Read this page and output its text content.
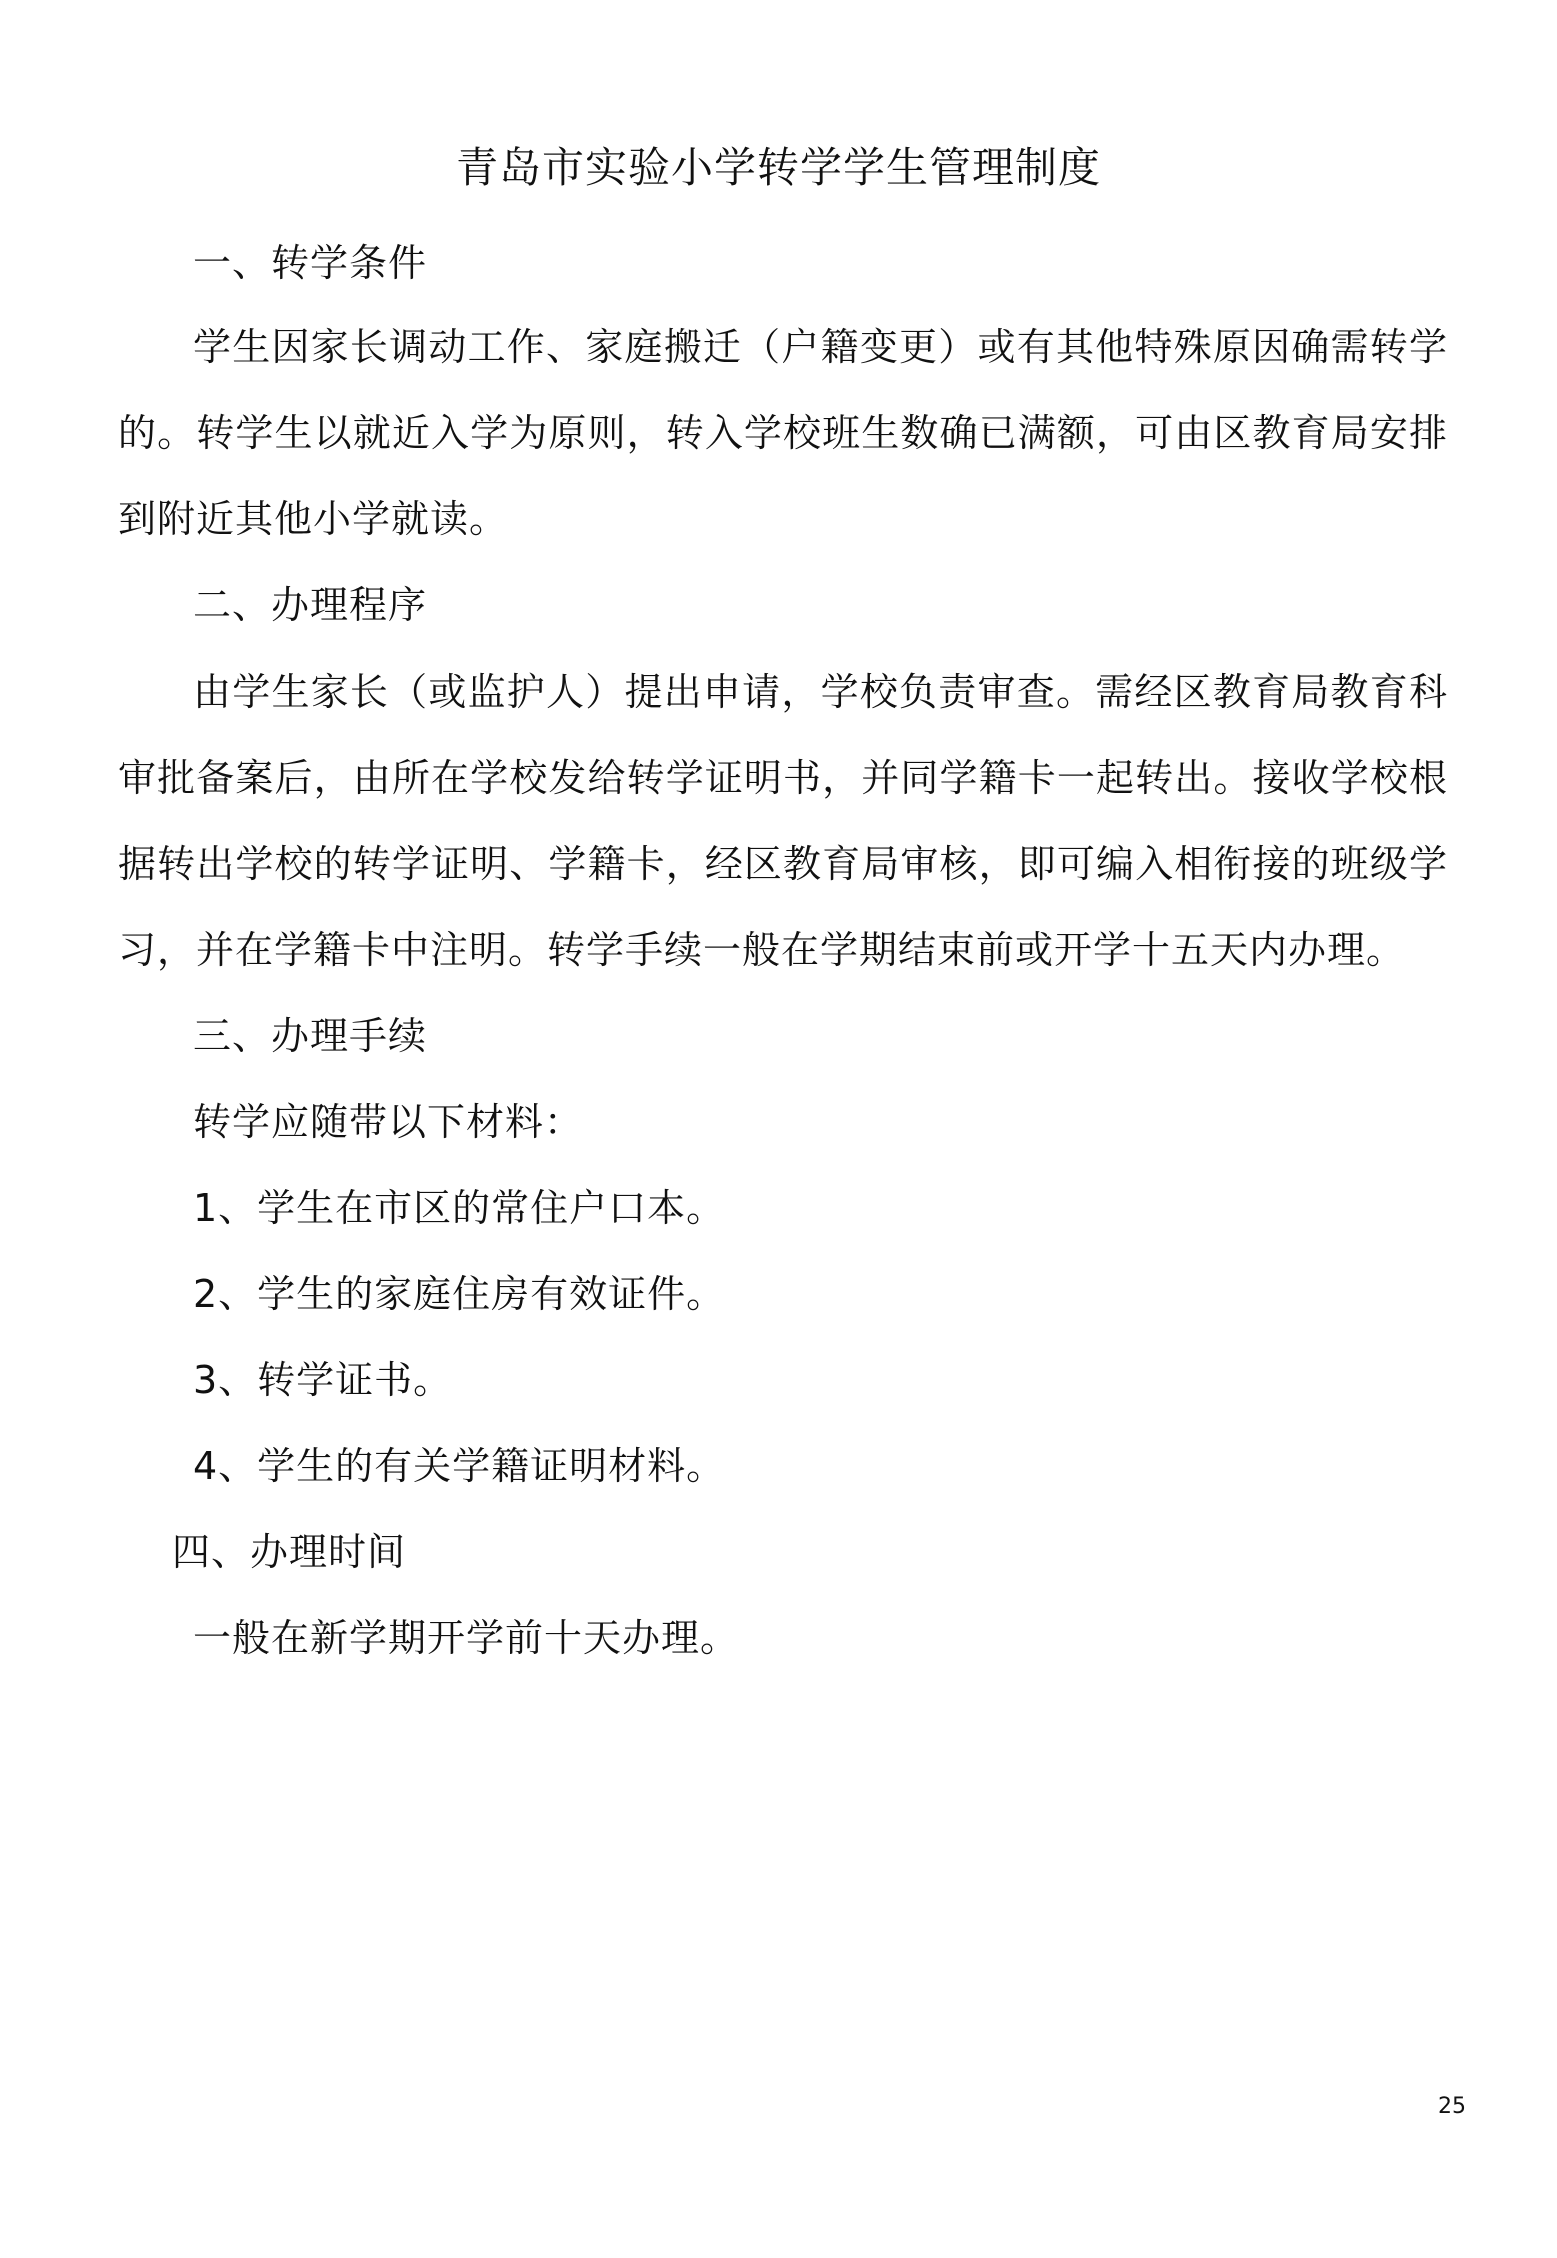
青岛市实验小学转学学生管理制度
一、转学条件
学生因家长调动工作、家庭搬迁（户籍变更）或有其他特殊原因确需转学
的。转学生以就近入学为原则，转入学校班生数确已满额，可由区教育局安排
到附近其他小学就读。
二、办理程序
由学生家长（或监护人）提出申请，学校负责审查。需经区教育局教育科
审批备案后，由所在学校发给转学证明书，并同学籍卡一起转出。接收学校根
据转出学校的转学证明、学籍卡，经区教育局审核，即可编入相衔接的班级学
习，并在学籍卡中注明。转学手续一般在学期结束前或开学十五天内办理。
三、办理手续
转学应随带以下材料：
1、学生在市区的常住户口本。
2、学生的家庭住房有效证件。
3、转学证书。
4、学生的有关学籍证明材料。
四、办理时间
一般在新学期开学前十天办理。
25
